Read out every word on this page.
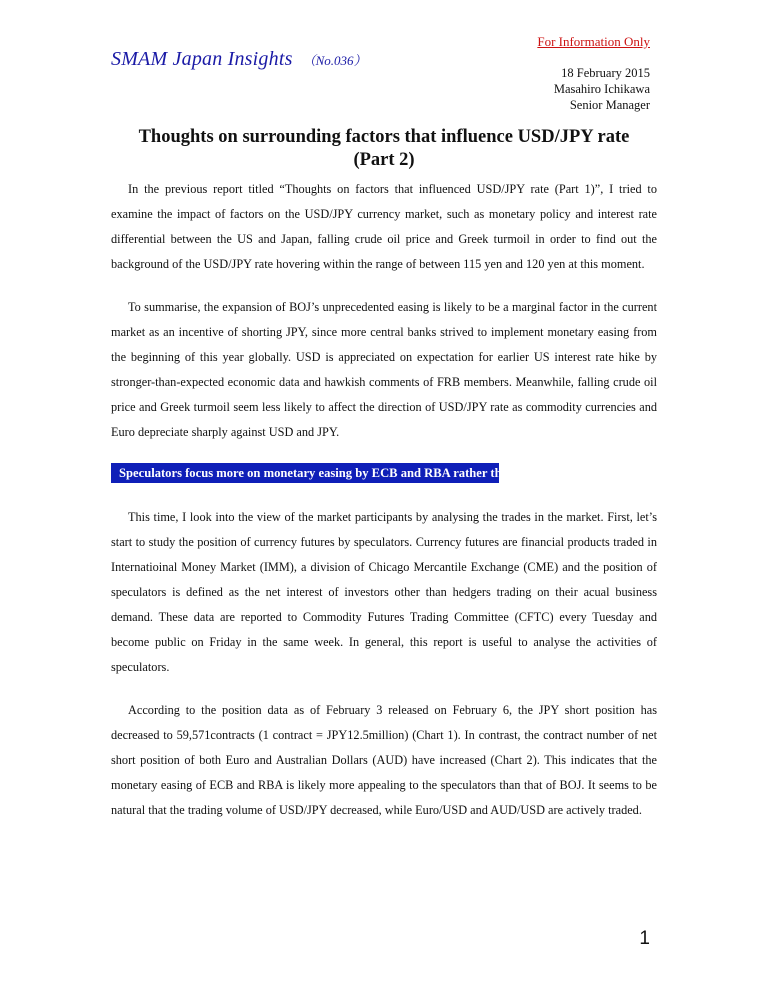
SMAM Japan Insights （No.036）
For Information Only
18 February 2015
Masahiro Ichikawa
Senior Manager
Thoughts on surrounding factors that influence USD/JPY rate
(Part 2)

In the previous report titled “Thoughts on factors that influenced USD/JPY rate (Part 1)”, I tried to examine the impact of factors on the USD/JPY currency market, such as monetary policy and interest rate differential between the US and Japan, falling crude oil price and Greek turmoil in order to find out the background of the USD/JPY rate hovering within the range of between 115 yen and 120 yen at this moment.

To summarise, the expansion of BOJ’s unprecedented easing is likely to be a marginal factor in the current market as an incentive of shorting JPY, since more central banks strived to implement monetary easing from the beginning of this year globally. USD is appreciated on expectation for earlier US interest rate hike by stronger-than-expected economic data and hawkish comments of FRB members. Meanwhile, falling crude oil price and Greek turmoil seem less likely to affect the direction of USD/JPY rate as commodity currencies and Euro depreciate sharply against USD and JPY.

Speculators focus more on monetary easing by ECB and RBA rather than the BOJ

This time, I look into the view of the market participants by analysing the trades in the market. First, let’s start to study the position of currency futures by speculators. Currency futures are financial products traded in Internatioinal Money Market (IMM), a division of Chicago Mercantile Exchange (CME) and the position of speculators is defined as the net interest of investors other than hedgers trading on their acual business demand. These data are reported to Commodity Futures Trading Committee (CFTC) every Tuesday and become public on Friday in the same week. In general, this report is useful to analyse the activities of speculators.

According to the position data as of February 3 released on February 6, the JPY short position has decreased to 59,571contracts (1 contract = JPY12.5million) (Chart 1). In contrast, the contract number of net short position of both Euro and Australian Dollars (AUD) have increased (Chart 2). This indicates that the monetary easing of ECB and RBA is likely more appealing to the speculators than that of BOJ. It seems to be natural that the trading volume of USD/JPY decreased, while Euro/USD and AUD/USD are actively traded.

1
